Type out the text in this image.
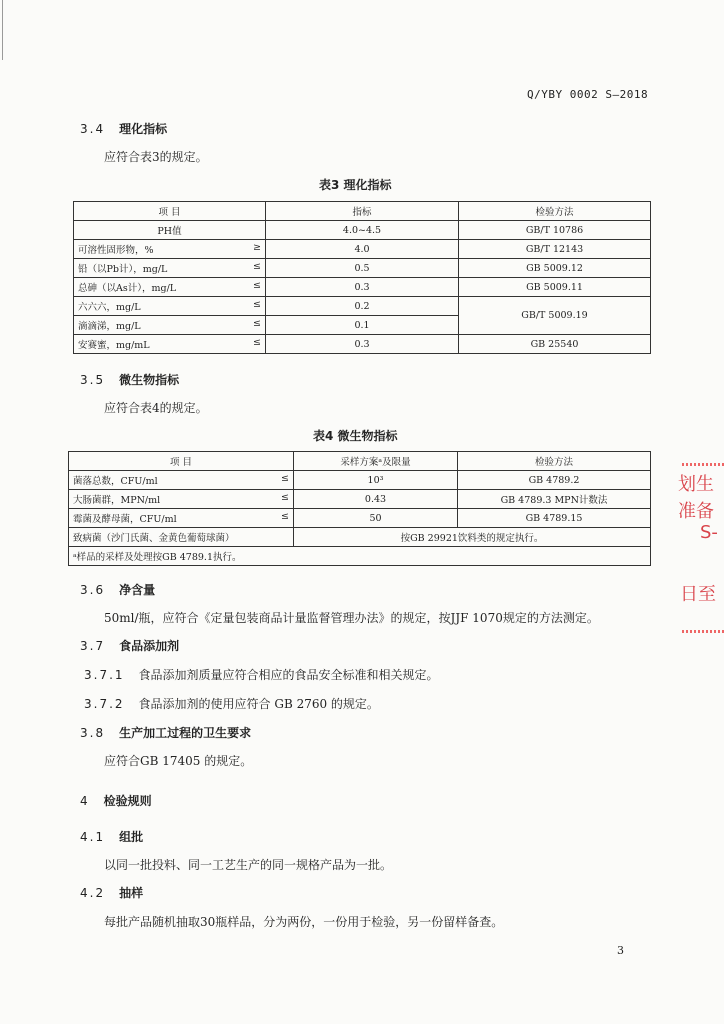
Q/YBY 0002 S—2018
3.4 理化指标
应符合表3的规定。
表3 理化指标
项 目	指标	检验方法
PH值	4.0~4.5	GB/T 10786
可溶性固形物，% ≥	4.0	GB/T 12143
铅（以Pb计），mg/L ≤	0.5	GB 5009.12
总砷（以As计），mg/L ≤	0.3	GB 5009.11
六六六，mg/L ≤	0.2	GB/T 5009.19
滴滴涕，mg/L ≤	0.1	
安赛蜜，mg/mL ≤	0.3	GB 25540
3.5 微生物指标
应符合表4的规定。
表4 微生物指标
项 目	采样方案ᵃ及限量	检验方法
菌落总数，CFU/ml ≤	10³	GB 4789.2
大肠菌群，MPN/ml ≤	0.43	GB 4789.3 MPN计数法
霉菌及酵母菌，CFU/ml ≤	50	GB 4789.15
致病菌（沙门氏菌、金黄色葡萄球菌）	按GB 29921饮料类的规定执行。	
ᵃ样品的采样及处理按GB 4789.1执行。		
3.6 净含量
50ml/瓶，应符合《定量包装商品计量监督管理办法》的规定，按JJF 1070规定的方法测定。
3.7 食品添加剂
3.7.1 食品添加剂质量应符合相应的食品安全标准和相关规定。
3.7.2 食品添加剂的使用应符合 GB 2760 的规定。
3.8 生产加工过程的卫生要求
应符合GB 17405 的规定。
4 检验规则
4.1 组批
以同一批投料、同一工艺生产的同一规格产品为一批。
4.2 抽样
每批产品随机抽取30瓶样品，分为两份，一份用于检验，另一份留样备查。
3
划生
准备
S-
日至
